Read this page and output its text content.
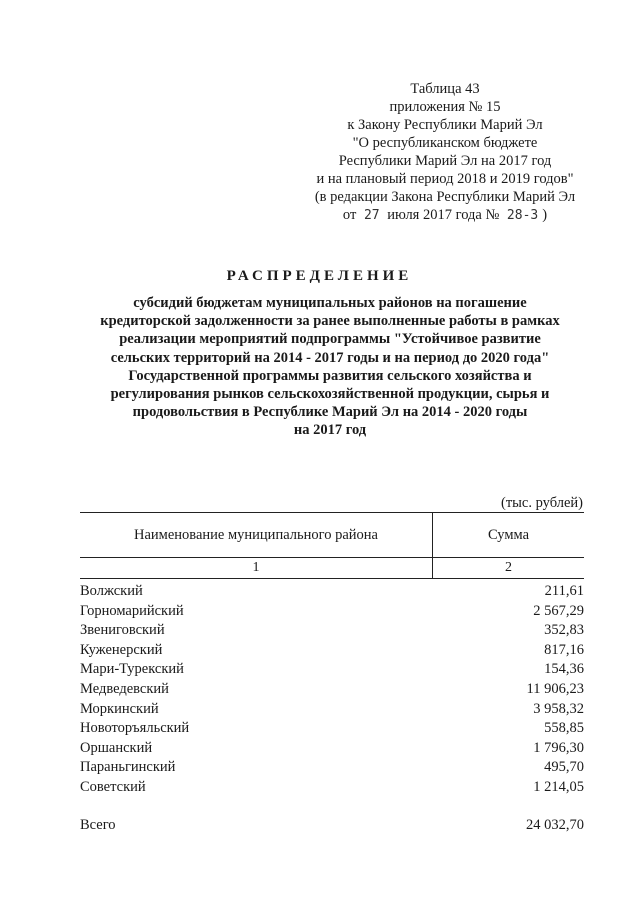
Таблица 43
приложения № 15
к Закону Республики Марий Эл
"О республиканском бюджете
Республики Марий Эл на 2017 год
и на плановый период 2018 и 2019 годов"
(в редакции Закона Республики Марий Эл
от 27 июля 2017 года № 28-З )
РАСПРЕДЕЛЕНИЕ
субсидий бюджетам муниципальных районов на погашение
кредиторской задолженности за ранее выполненные работы в рамках
реализации мероприятий подпрограммы "Устойчивое развитие
сельских территорий на 2014 - 2017 годы и на период до 2020 года"
Государственной программы развития сельского хозяйства и
регулирования рынков сельскохозяйственной продукции, сырья и
продовольствия в Республике Марий Эл на 2014 - 2020 годы
на 2017 год
(тыс. рублей)
Наименование муниципального района	Сумма
1	2
Волжский	211,61
Горномарийский	2 567,29
Звениговский	352,83
Куженерский	817,16
Мари-Турекский	154,36
Медведевский	11 906,23
Моркинский	3 958,32
Новоторъяльский	558,85
Оршанский	1 796,30
Параньгинский	495,70
Советский	1 214,05
Всего	24 032,70
